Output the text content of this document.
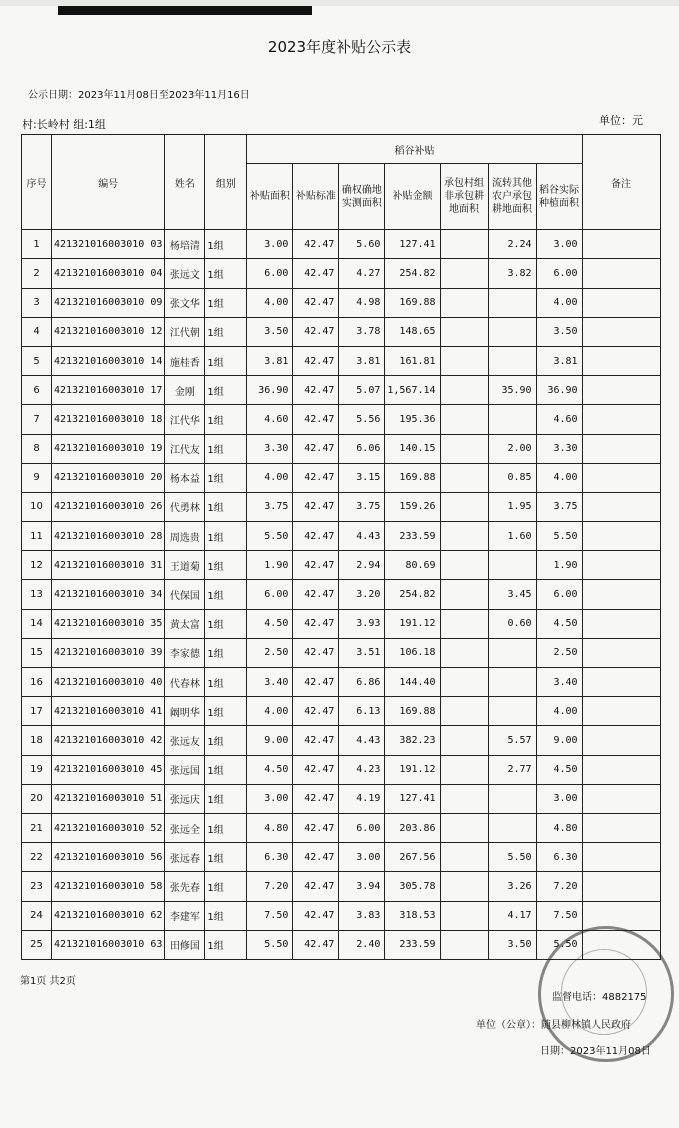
2023年度补贴公示表
公示日期：2023年11月08日至2023年11月16日
村:长岭村 组:1组	单位：元
序号	编号	姓名	组别	稻谷补贴							备注
				补贴面积	补贴标准	确权确地实测面积	补贴金额	承包村组非承包耕地面积	流转其他农户承包耕地面积	稻谷实际种植面积	
1	421321016003010 03	杨培清	1组	3.00	42.47	5.60	127.41		2.24	3.00	
2	421321016003010 04	张远文	1组	6.00	42.47	4.27	254.82		3.82	6.00	
3	421321016003010 09	张文华	1组	4.00	42.47	4.98	169.88			4.00	
4	421321016003010 12	江代朝	1组	3.50	42.47	3.78	148.65			3.50	
5	421321016003010 14	施桂香	1组	3.81	42.47	3.81	161.81			3.81	
6	421321016003010 17	金刚	1组	36.90	42.47	5.07	1,567.14		35.90	36.90	
7	421321016003010 18	江代华	1组	4.60	42.47	5.56	195.36			4.60	
8	421321016003010 19	江代友	1组	3.30	42.47	6.06	140.15		2.00	3.30	
9	421321016003010 20	杨本益	1组	4.00	42.47	3.15	169.88		0.85	4.00	
10	421321016003010 26	代勇林	1组	3.75	42.47	3.75	159.26		1.95	3.75	
11	421321016003010 28	周选贵	1组	5.50	42.47	4.43	233.59		1.60	5.50	
12	421321016003010 31	王道菊	1组	1.90	42.47	2.94	80.69			1.90	
13	421321016003010 34	代保国	1组	6.00	42.47	3.20	254.82		3.45	6.00	
14	421321016003010 35	黄太富	1组	4.50	42.47	3.93	191.12		0.60	4.50	
15	421321016003010 39	李家德	1组	2.50	42.47	3.51	106.18			2.50	
16	421321016003010 40	代春林	1组	3.40	42.47	6.86	144.40			3.40	
17	421321016003010 41	阚明华	1组	4.00	42.47	6.13	169.88			4.00	
18	421321016003010 42	张远友	1组	9.00	42.47	4.43	382.23		5.57	9.00	
19	421321016003010 45	张远国	1组	4.50	42.47	4.23	191.12		2.77	4.50	
20	421321016003010 51	张远庆	1组	3.00	42.47	4.19	127.41			3.00	
21	421321016003010 52	张远全	1组	4.80	42.47	6.00	203.86			4.80	
22	421321016003010 56	张远春	1组	6.30	42.47	3.00	267.56		5.50	6.30	
23	421321016003010 58	张先春	1组	7.20	42.47	3.94	305.78		3.26	7.20	
24	421321016003010 62	李建军	1组	7.50	42.47	3.83	318.53		4.17	7.50	
25	421321016003010 63	田修国	1组	5.50	42.47	2.40	233.59		3.50	5.50	
第1页 共2页
监督电话：4882175
单位（公章）：随县柳林镇人民政府
日期：2023年11月08日
